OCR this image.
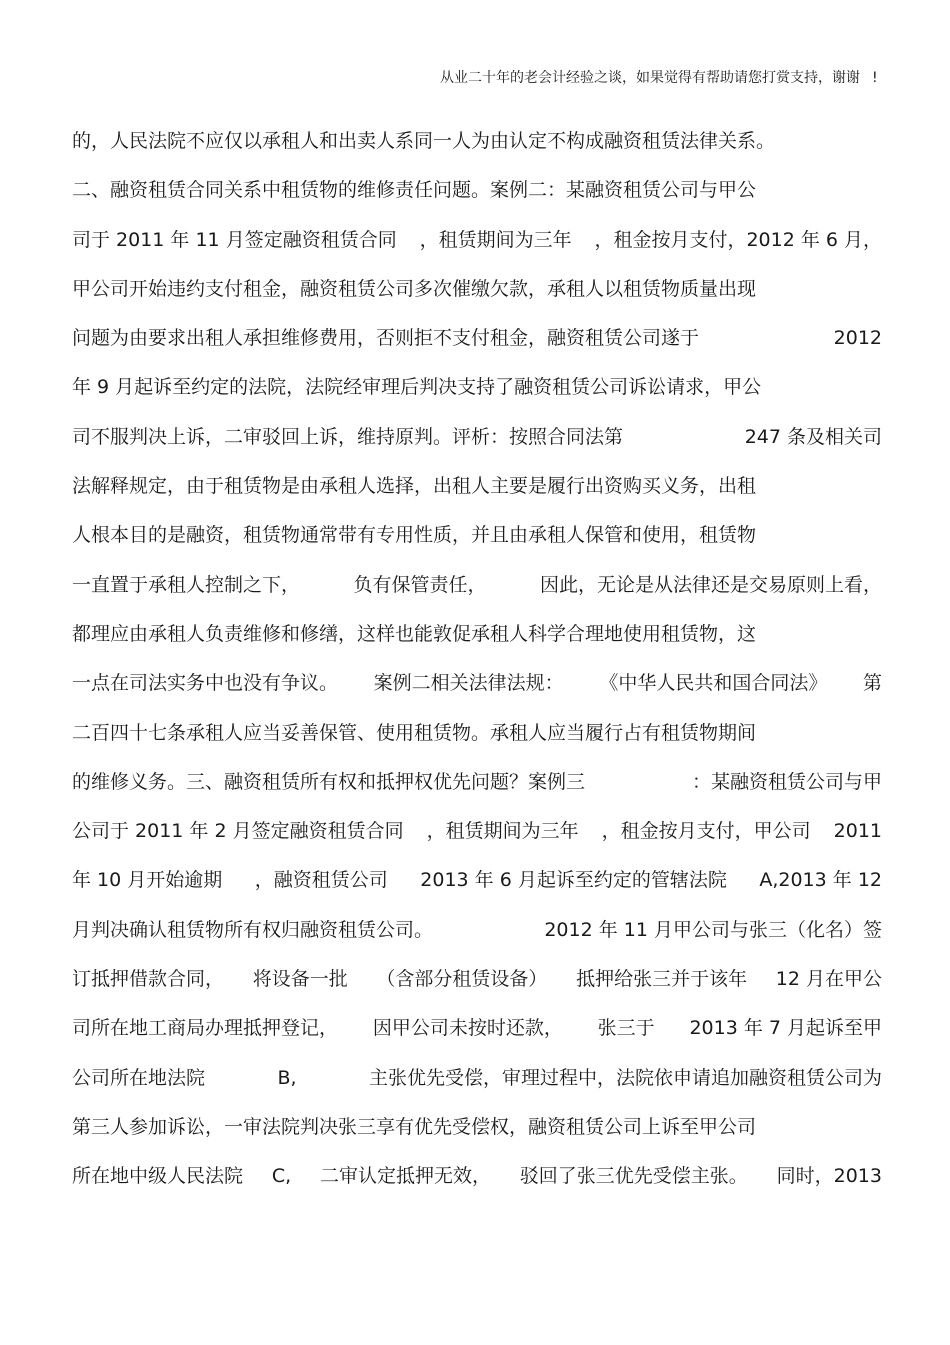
从业二十年的老会计经验之谈，如果觉得有帮助请您打赏支持，谢谢 !
的，人民法院不应仅以承租人和出卖人系同一人为由认定不构成融资租赁法律关系。
二、融资租赁合同关系中租赁物的维修责任问题。案例二：某融资租赁公司与甲公
司于 2011 年 11 月签定融资租赁合同 ，租赁期间为三年 ，租金按月支付，2012 年 6 月，
甲公司开始违约支付租金，融资租赁公司多次催缴欠款，承租人以租赁物质量出现
问题为由要求出租人承担维修费用，否则拒不支付租金，融资租赁公司遂于	2012
年 9 月起诉至约定的法院，法院经审理后判决支持了融资租赁公司诉讼请求，甲公
司不服判决上诉，二审驳回上诉，维持原判。评析：按照合同法第	247 条及相关司
法解释规定，由于租赁物是由承租人选择，出租人主要是履行出资购买义务，出租
人根本目的是融资，租赁物通常带有专用性质，并且由承租人保管和使用，租赁物
一直置于承租人控制之下，	负有保管责任，	因此，无论是从法律还是交易原则上看，
都理应由承租人负责维修和修缮，这样也能敦促承租人科学合理地使用租赁物，这
一点在司法实务中也没有争议。 案例二相关法律法规： 《中华人民共和国合同法》 第
二百四十七条承租人应当妥善保管、使用租赁物。承租人应当履行占有租赁物期间
的维修义务。三、融资租赁所有权和抵押权优先问题？案例三	：某融资租赁公司与甲
公司于 2011 年 2 月签定融资租赁合同 ，租赁期间为三年 ，租金按月支付，甲公司 2011
年 10 月开始逾期 ，融资租赁公司 2013 年 6 月起诉至约定的管辖法院 A,2013 年 12
月判决确认租赁物所有权归融资租赁公司。	2012 年 11 月甲公司与张三（化名）签
订抵押借款合同， 将设备一批 （含部分租赁设备） 抵押给张三并于该年 12 月在甲公
司所在地工商局办理抵押登记， 因甲公司未按时还款， 张三于 2013 年 7 月起诉至甲
公司所在地法院	B,	主张优先受偿，审理过程中，法院依申请追加融资租赁公司为
第三人参加诉讼，一审法院判决张三享有优先受偿权，融资租赁公司上诉至甲公司
所在地中级人民法院 C, 二审认定抵押无效， 驳回了张三优先受偿主张。 同时，2013
